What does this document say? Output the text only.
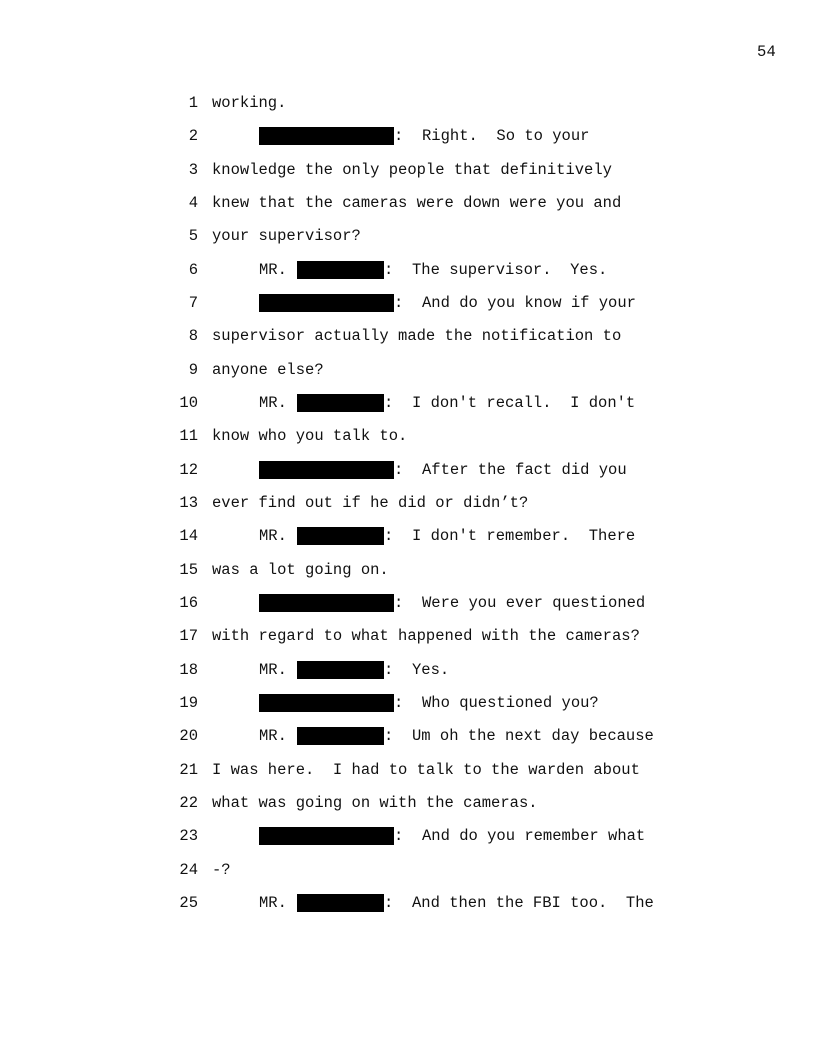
54
1 working.
2	: Right.  So to your
3 knowledge the only people that definitively
4 knew that the cameras were down were you and
5 your supervisor?
6	MR.	: The supervisor.  Yes.
7	: And do you know if your
8 supervisor actually made the notification to
9 anyone else?
10	MR.	: I don't recall.  I don't
11 know who you talk to.
12	: After the fact did you
13 ever find out if he did or didn’t?
14	MR.	: I don't remember.  There
15 was a lot going on.
16	: Were you ever questioned
17 with regard to what happened with the cameras?
18	MR.	: Yes.
19	: Who questioned you?
20	MR.	: Um oh the next day because
21 I was here.  I had to talk to the warden about
22 what was going on with the cameras.
23	: And do you remember what
24 -?
25	MR.	: And then the FBI too.  The
